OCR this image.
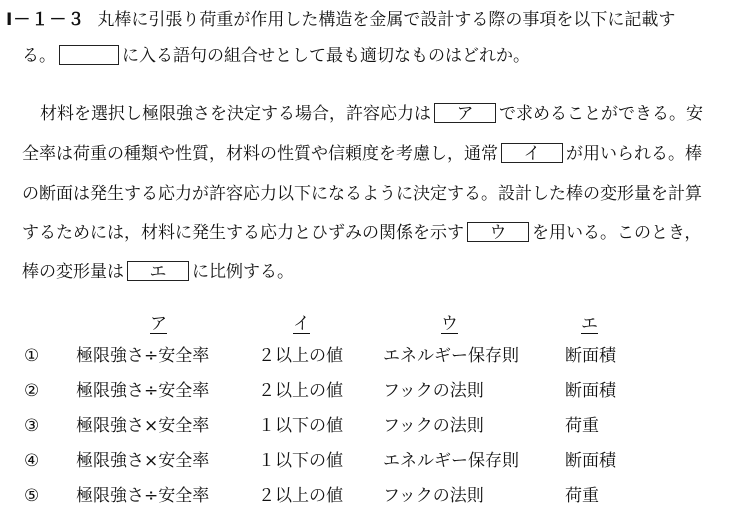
Ⅰ－１－３ 丸棒に引張り荷重が作用した構造を金属で設計する際の事項を以下に記載す
る。	に入る語句の組合せとして最も適切なものはどれか。
材料を選択し極限強さを決定する場合，許容応力は ア で求めることができる。安
全率は荷重の種類や性質，材料の性質や信頼度を考慮し，通常 イ が用いられる。棒
の断面は発生する応力が許容応力以下になるように決定する。設計した棒の変形量を計算
するためには，材料に発生する応力とひずみの関係を示す ウ を用いる。このとき，
棒の変形量は エ に比例する。
ア	イ	ウ	エ
① 極限強さ÷安全率	２以上の値 エネルギー保存則	断面積
② 極限強さ÷安全率	２以上の値 フックの法則	断面積
③ 極限強さ×安全率	１以下の値 フックの法則	荷重
④ 極限強さ×安全率	１以下の値 エネルギー保存則	断面積
⑤ 極限強さ÷安全率	２以上の値 フックの法則	荷重
